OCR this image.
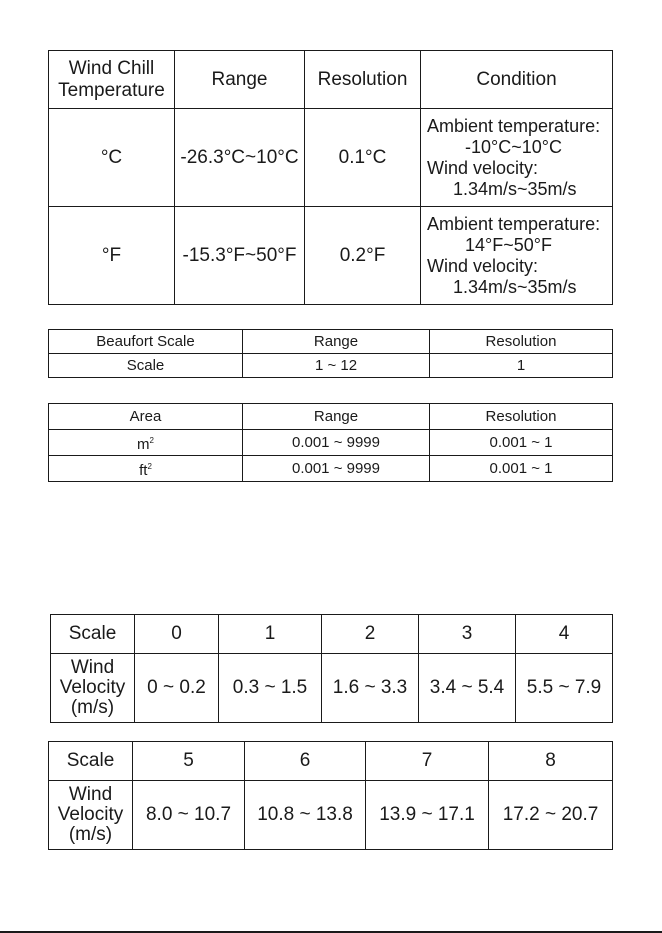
Wind Chill
Temperature	Range	Resolution	Condition
°C	-26.3°C~10°C	0.1°C	Ambient temperature:
-10°C~10°C
Wind velocity:
1.34m/s~35m/s

°F	-15.3°F~50°F	0.2°F	Ambient temperature:
14°F~50°F
Wind velocity:
1.34m/s~35m/s
Beaufort Scale	Range	Resolution
Scale	1 ~ 12	1
Area	Range	Resolution
$m^2$	0.001 ~ 9999	0.001 ~ 1
$ft^2$	0.001 ~ 9999	0.001 ~ 1
Scale	0	1	2	3	4

Wind
Velocity
(m/s)	0 ~ 0.2	0.3 ~ 1.5	1.6 ~ 3.3	3.4 ~ 5.4	5.5 ~ 7.9
Scale	5	6	7	8

Wind
Velocity
(m/s)	8.0 ~ 10.7	10.8 ~ 13.8	13.9 ~ 17.1	17.2 ~ 20.7
